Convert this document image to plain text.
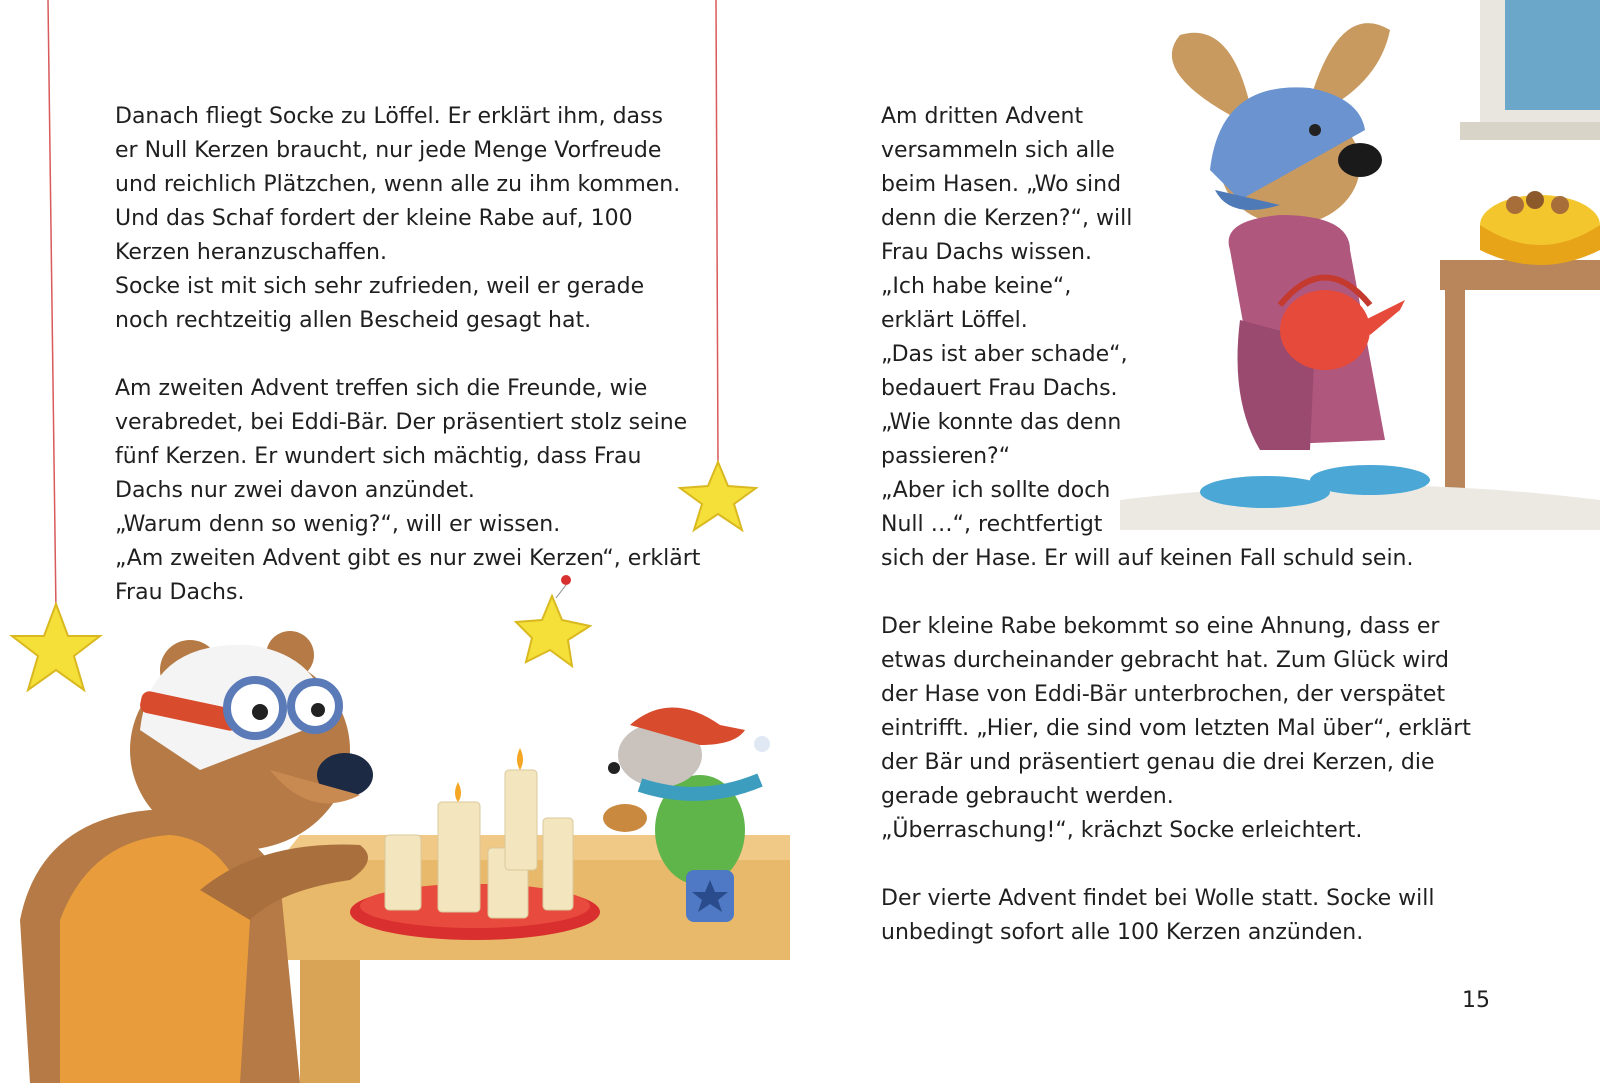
Danach fliegt Socke zu Löffel. Er erklärt ihm, dass
er Null Kerzen braucht, nur jede Menge Vorfreude
und reichlich Plätzchen, wenn alle zu ihm kommen.
Und das Schaf fordert der kleine Rabe auf, 100
Kerzen heranzuschaffen.
Socke ist mit sich sehr zufrieden, weil er gerade
noch rechtzeitig allen Bescheid gesagt hat.

Am zweiten Advent treffen sich die Freunde, wie
verabredet, bei Eddi-Bär. Der präsentiert stolz seine
fünf Kerzen. Er wundert sich mächtig, dass Frau
Dachs nur zwei davon anzündet.
„Warum denn so wenig?“, will er wissen.
„Am zweiten Advent gibt es nur zwei Kerzen“, erklärt
Frau Dachs.

Am dritten Advent
versammeln sich alle
beim Hasen. „Wo sind
denn die Kerzen?“, will
Frau Dachs wissen.
„Ich habe keine“,
erklärt Löffel.
„Das ist aber schade“,
bedauert Frau Dachs.
„Wie konnte das denn
passieren?“
„Aber ich sollte doch
Null …“, rechtfertigt
sich der Hase. Er will auf keinen Fall schuld sein.

Der kleine Rabe bekommt so eine Ahnung, dass er
etwas durcheinander gebracht hat. Zum Glück wird
der Hase von Eddi-Bär unterbrochen, der verspätet
eintrifft. „Hier, die sind vom letzten Mal über“, erklärt
der Bär und präsentiert genau die drei Kerzen, die
gerade gebraucht werden.
„Überraschung!“, krächzt Socke erleichtert.

Der vierte Advent findet bei Wolle statt. Socke will
unbedingt sofort alle 100 Kerzen anzünden.

15
